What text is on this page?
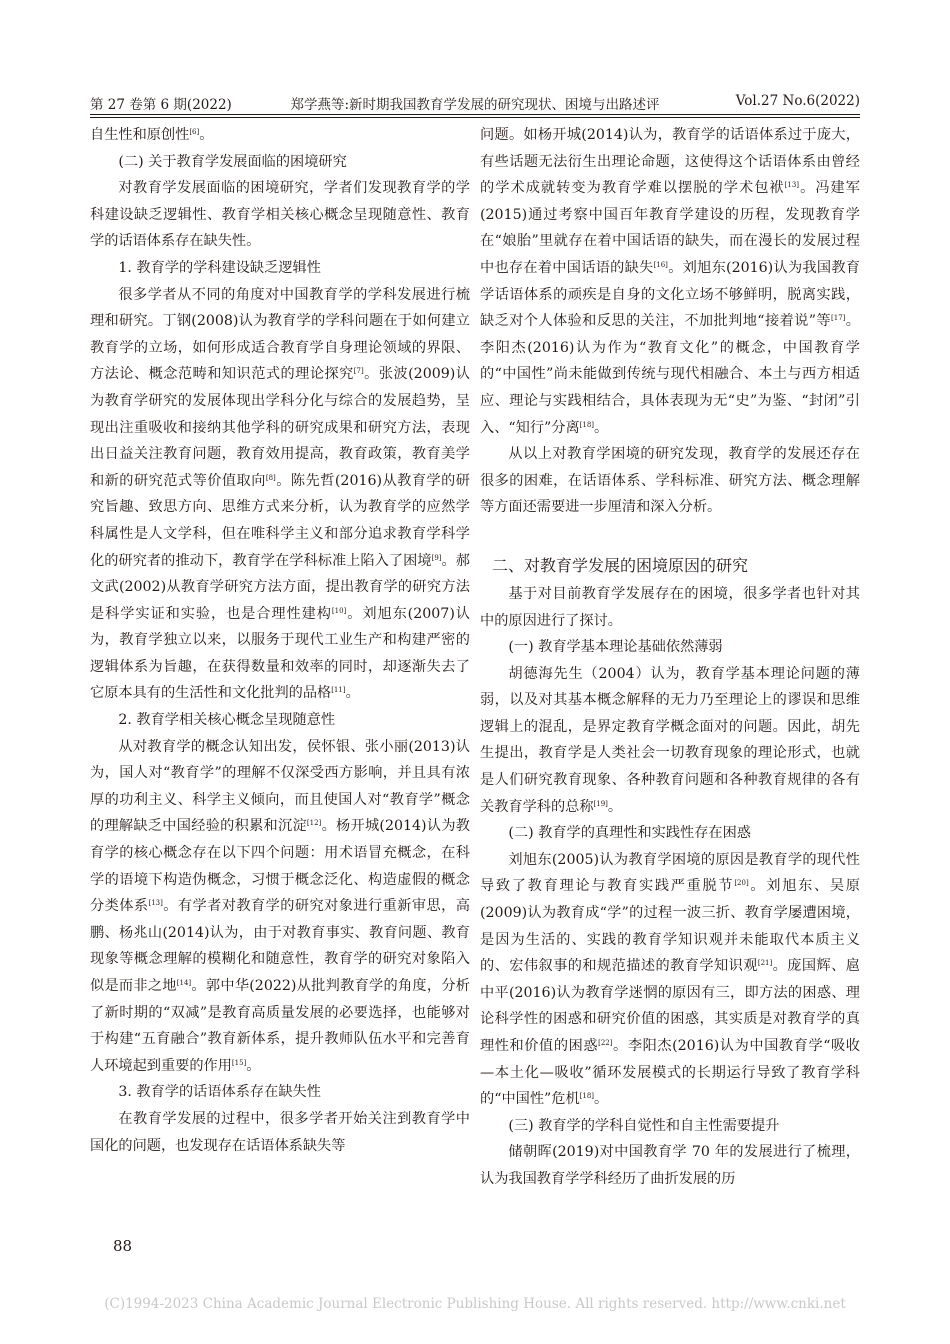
第 27 卷第 6 期(2022)	郑学燕等:新时期我国教育学发展的研究现状、困境与出路述评	Vol.27 No.6(2022)

自生性和原创性[6]。

(二) 关于教育学发展面临的困境研究

对教育学发展面临的困境研究，学者们发现教育学的学科建设缺乏逻辑性、教育学相关核心概念呈现随意性、教育学的话语体系存在缺失性。

1. 教育学的学科建设缺乏逻辑性

很多学者从不同的角度对中国教育学的学科发展进行梳理和研究。丁钢(2008)认为教育学的学科问题在于如何建立教育学的立场，如何形成适合教育学自身理论领域的界限、方法论、概念范畴和知识范式的理论探究[7]。张波(2009)认为教育学研究的发展体现出学科分化与综合的发展趋势，呈现出注重吸收和接纳其他学科的研究成果和研究方法，表现出日益关注教育问题，教育效用提高，教育政策，教育美学和新的研究范式等价值取向[8]。陈先哲(2016)从教育学的研究旨趣、致思方向、思维方式来分析，认为教育学的应然学科属性是人文学科，但在唯科学主义和部分追求教育学科学化的研究者的推动下，教育学在学科标准上陷入了困境[9]。郝文武(2002)从教育学研究方法方面，提出教育学的研究方法是科学实证和实验，也是合理性建构[10]。刘旭东(2007)认为，教育学独立以来，以服务于现代工业生产和构建严密的逻辑体系为旨趣，在获得数量和效率的同时，却逐渐失去了它原本具有的生活性和文化批判的品格[11]。

2. 教育学相关核心概念呈现随意性

从对教育学的概念认知出发，侯怀银、张小丽(2013)认为，国人对“教育学”的理解不仅深受西方影响，并且具有浓厚的功利主义、科学主义倾向，而且使国人对“教育学”概念的理解缺乏中国经验的积累和沉淀[12]。杨开城(2014)认为教育学的核心概念存在以下四个问题：用术语冒充概念，在科学的语境下构造伪概念，习惯于概念泛化、构造虚假的概念分类体系[13]。有学者对教育学的研究对象进行重新审思，高鹏、杨兆山(2014)认为，由于对教育事实、教育问题、教育现象等概念理解的模糊化和随意性，教育学的研究对象陷入似是而非之地[14]。郭中华(2022)从批判教育学的角度，分析了新时期的“双减”是教育高质量发展的必要选择，也能够对于构建“五育融合”教育新体系，提升教师队伍水平和完善育人环境起到重要的作用[15]。

3. 教育学的话语体系存在缺失性

在教育学发展的过程中，很多学者开始关注到教育学中国化的问题，也发现存在话语体系缺失等

问题。如杨开城(2014)认为，教育学的话语体系过于庞大，有些话题无法衍生出理论命题，这使得这个话语体系由曾经的学术成就转变为教育学难以摆脱的学术包袱[13]。冯建军(2015)通过考察中国百年教育学建设的历程，发现教育学在“娘胎”里就存在着中国话语的缺失，而在漫长的发展过程中也存在着中国话语的缺失[16]。刘旭东(2016)认为我国教育学话语体系的顽疾是自身的文化立场不够鲜明，脱离实践，缺乏对个人体验和反思的关注，不加批判地“接着说”等[17]。李阳杰(2016)认为作为“教育文化”的概念，中国教育学的“中国性”尚未能做到传统与现代相融合、本土与西方相适应、理论与实践相结合，具体表现为无“史”为鉴、“封闭”引入、“知行”分离[18]。

从以上对教育学困境的研究发现，教育学的发展还存在很多的困难，在话语体系、学科标准、研究方法、概念理解等方面还需要进一步厘清和深入分析。

二、对教育学发展的困境原因的研究

基于对目前教育学发展存在的困境，很多学者也针对其中的原因进行了探讨。

(一) 教育学基本理论基础依然薄弱

胡德海先生（2004）认为，教育学基本理论问题的薄弱，以及对其基本概念解释的无力乃至理论上的谬误和思维逻辑上的混乱，是界定教育学概念面对的问题。因此，胡先生提出，教育学是人类社会一切教育现象的理论形式，也就是人们研究教育现象、各种教育问题和各种教育规律的各有关教育学科的总称[19]。

(二) 教育学的真理性和实践性存在困惑

刘旭东(2005)认为教育学困境的原因是教育学的现代性导致了教育理论与教育实践严重脱节[20]。刘旭东、吴原(2009)认为教育成“学”的过程一波三折、教育学屡遭困境，是因为生活的、实践的教育学知识观并未能取代本质主义的、宏伟叙事的和规范描述的教育学知识观[21]。庞国辉、扈中平(2016)认为教育学迷惘的原因有三，即方法的困惑、理论科学性的困惑和研究价值的困惑，其实质是对教育学的真理性和价值的困惑[22]。李阳杰(2016)认为中国教育学“吸收—本土化—吸收”循环发展模式的长期运行导致了教育学科的“中国性”危机[18]。

(三) 教育学的学科自觉性和自主性需要提升

储朝晖(2019)对中国教育学 70 年的发展进行了梳理，认为我国教育学学科经历了曲折发展的历

88
(C)1994-2023 China Academic Journal Electronic Publishing House. All rights reserved. http://www.cnki.net
